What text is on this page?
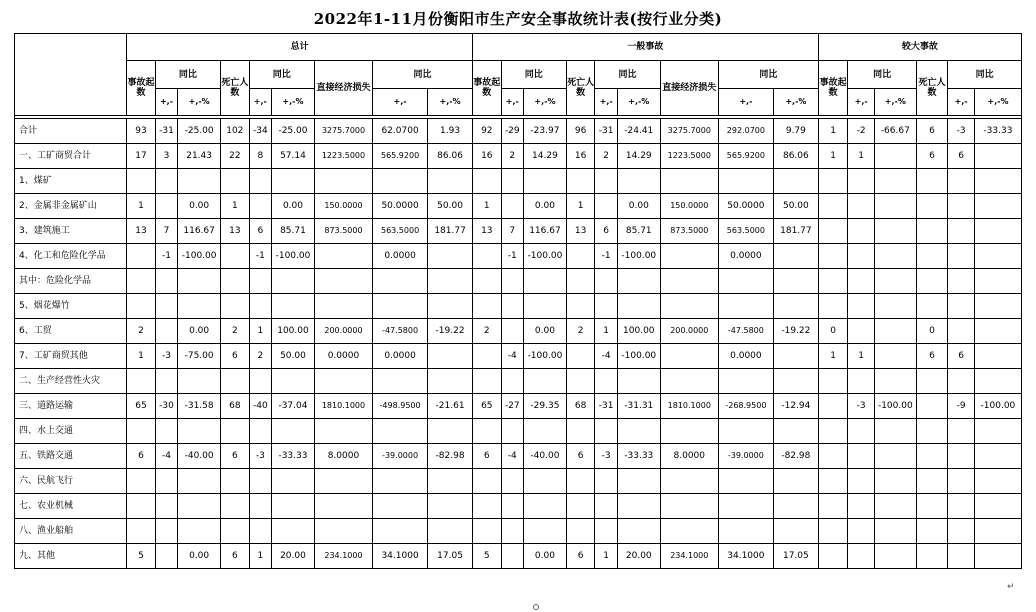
2022年1-11月份衡阳市生产安全事故统计表(按行业分类)
	总计									一般事故									较大事故					
	事故起数	同比		死亡人数	同比		直接经济损失	同比		事故起数	同比		死亡人数	同比		直接经济损失	同比		事故起数	同比		死亡人数	同比	
		+,-	+,-%		+,-	+,-%		+,-	+,-%		+,-	+,-%		+,-	+,-%		+,-	+,-%		+,-	+,-%		+,-	+,-%

合计	93	-31	-25.00	102	-34	-25.00	3275.7000	62.0700	1.93	92	-29	-23.97	96	-31	-24.41	3275.7000	292.0700	9.79	1	-2	-66.67	6	-3	-33.33
一、工矿商贸合计	17	3	21.43	22	8	57.14	1223.5000	565.9200	86.06	16	2	14.29	16	2	14.29	1223.5000	565.9200	86.06	1	1		6	6	
1、煤矿																								
2、金属非金属矿山	1		0.00	1		0.00	150.0000	50.0000	50.00	1		0.00	1		0.00	150.0000	50.0000	50.00						
3、建筑施工	13	7	116.67	13	6	85.71	873.5000	563.5000	181.77	13	7	116.67	13	6	85.71	873.5000	563.5000	181.77						
4、化工和危险化学品		-1	-100.00		-1	-100.00		0.0000			-1	-100.00		-1	-100.00		0.0000							
其中：危险化学品																								
5、烟花爆竹																								
6、工贸	2		0.00	2	1	100.00	200.0000	-47.5800	-19.22	2		0.00	2	1	100.00	200.0000	-47.5800	-19.22	0			0		
7、工矿商贸其他	1	-3	-75.00	6	2	50.00	0.0000	0.0000			-4	-100.00		-4	-100.00		0.0000		1	1		6	6	
二、生产经营性火灾																								
三、道路运输	65	-30	-31.58	68	-40	-37.04	1810.1000	-498.9500	-21.61	65	-27	-29.35	68	-31	-31.31	1810.1000	-268.9500	-12.94		-3	-100.00		-9	-100.00
四、水上交通																								
五、铁路交通	6	-4	-40.00	6	-3	-33.33	8.0000	-39.0000	-82.98	6	-4	-40.00	6	-3	-33.33	8.0000	-39.0000	-82.98						
六、民航飞行																								
七、农业机械																								
八、渔业船舶																								
九、其他	5		0.00	6	1	20.00	234.1000	34.1000	17.05	5		0.00	6	1	20.00	234.1000	34.1000	17.05						
↵
